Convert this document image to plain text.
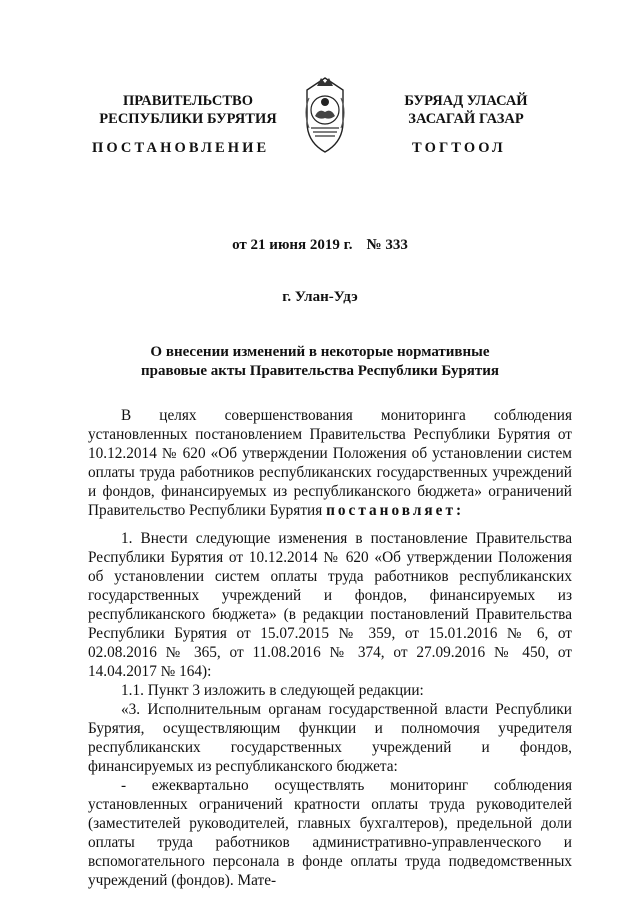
ПРАВИТЕЛЬСТВО
РЕСПУБЛИКИ БУРЯТИЯ
БУРЯАД УЛАСАЙ
ЗАСАГАЙ ГАЗАР
ПОСТАНОВЛЕНИЕ	ТОГТООЛ
от 21 июня 2019 г. № 333
г. Улан-Удэ
О внесении изменений в некоторые нормативные
правовые акты Правительства Республики Бурятия

В целях совершенствования мониторинга соблюдения установленных постановлением Правительства Республики Бурятия от 10.12.2014 № 620 «Об утверждении Положения об установлении систем оплаты труда работников республиканских государственных учреждений и фондов, финансируемых из республиканского бюджета» ограничений Правительство Республики Бурятия постановляет:

1. Внести следующие изменения в постановление Правительства Республики Бурятия от 10.12.2014 № 620 «Об утверждении Положения об установлении систем оплаты труда работников республиканских государственных учреждений и фондов, финансируемых из республиканского бюджета» (в редакции постановлений Правительства Республики Бурятия от 15.07.2015 № 359, от 15.01.2016 № 6, от 02.08.2016 № 365, от 11.08.2016 № 374, от 27.09.2016 № 450, от 14.04.2017 № 164):

1.1. Пункт 3 изложить в следующей редакции:

«3. Исполнительным органам государственной власти Республики Бурятия, осуществляющим функции и полномочия учредителя республиканских государственных учреждений и фондов, финансируемых из республиканского бюджета:

- ежеквартально осуществлять мониторинг соблюдения установленных ограничений кратности оплаты труда руководителей (заместителей руководителей, главных бухгалтеров), предельной доли оплаты труда работников административно-управленческого и вспомогательного персонала в фонде оплаты труда подведомственных учреждений (фондов). Мате-
